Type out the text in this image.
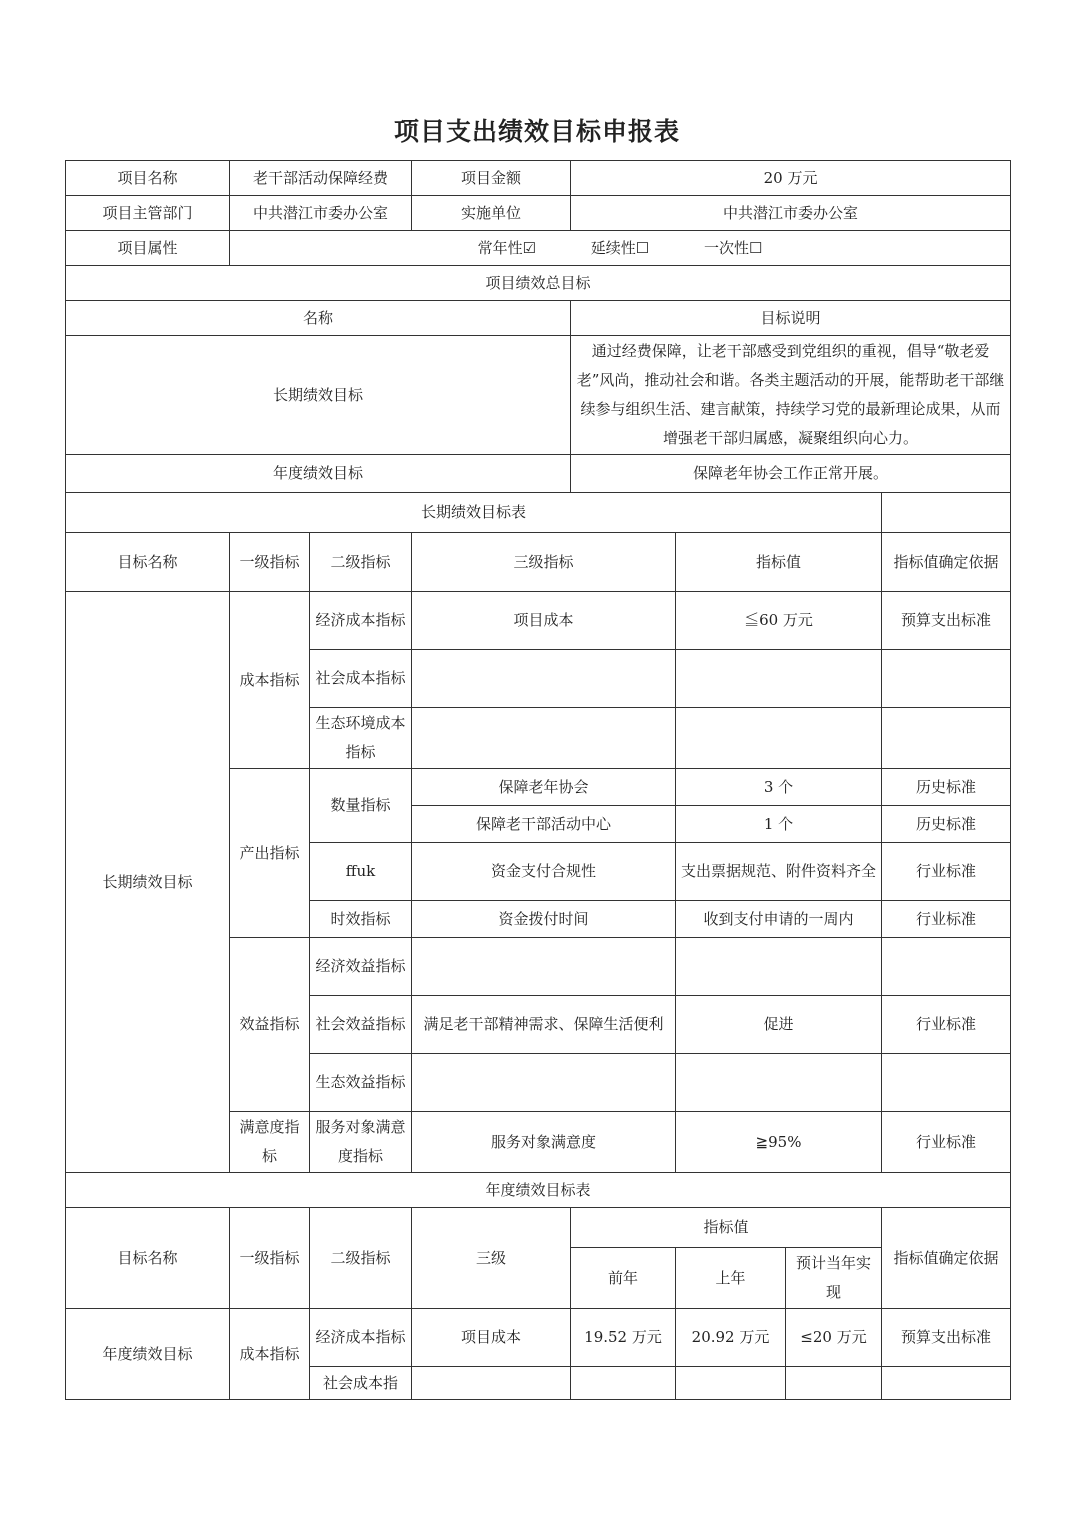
项目支出绩效目标申报表
项目名称	老干部活动保障经费		项目金额	20 万元			
项目主管部门	中共潜江市委办公室		实施单位	中共潜江市委办公室			
项目属性	常年性☑ 延续性☐ 一次性☐						
项目绩效总目标							
名称				目标说明			
长期绩效目标				通过经费保障，让老干部感受到党组织的重视，倡导“敬老爱老”风尚，推动社会和谐。各类主题活动的开展，能帮助老干部继续参与组织生活、建言献策，持续学习党的最新理论成果，从而增强老干部归属感，凝聚组织向心力。			
年度绩效目标				保障老年协会工作正常开展。			
长期绩效目标表							
目标名称	一级指标	二级指标	三级指标		指标值		指标值确定依据
长期绩效目标	成本指标	经济成本指标	项目成本		≦60 万元		预算支出标准
		社会成本指标					
		生态环境成本指标					
	产出指标	数量指标	保障老年协会		3 个		历史标准
			保障老干部活动中心		1 个		历史标准
		ffuk	资金支付合规性		支出票据规范、附件资料齐全		行业标准
		时效指标	资金拨付时间		收到支付申请的一周内		行业标准
	效益指标	经济效益指标					
		社会效益指标	满足老干部精神需求、保障生活便利		促进		行业标准
		生态效益指标					
	满意度指标	服务对象满意度指标	服务对象满意度		≧95%		行业标准
年度绩效目标表							
目标名称	一级指标	二级指标	三级	指标值			指标值确定依据
				前年	上年	预计当年实现	
年度绩效目标	成本指标	经济成本指标	项目成本	19.52 万元	20.92 万元	≤20 万元	预算支出标准
		社会成本指					
